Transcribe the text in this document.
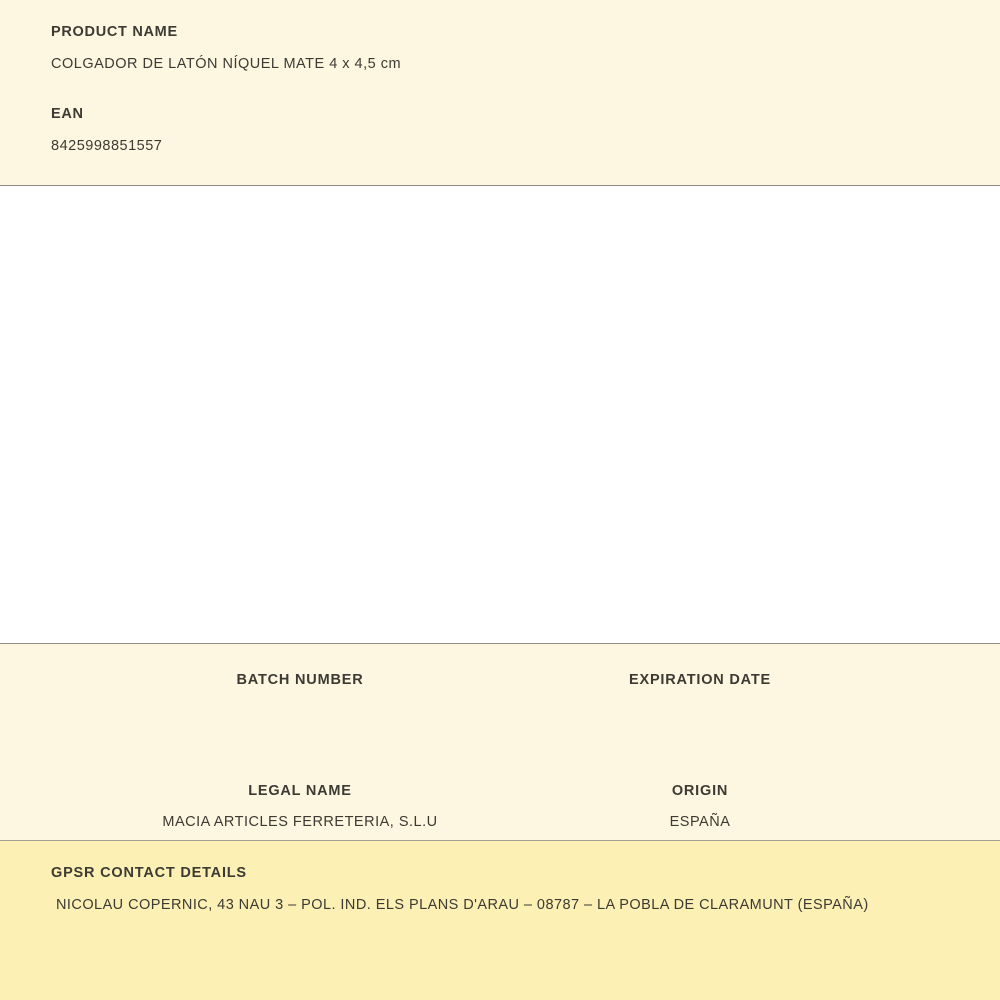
PRODUCT NAME
COLGADOR DE LATÓN NÍQUEL MATE 4 x 4,5 cm
EAN
8425998851557
BATCH NUMBER	EXPIRATION DATE
LEGAL NAME
MACIA ARTICLES FERRETERIA, S.L.U
ORIGIN
ESPAÑA
GPSR CONTACT DETAILS
NICOLAU COPERNIC, 43 NAU 3 – POL. IND. ELS PLANS D'ARAU – 08787 – LA POBLA DE CLARAMUNT (ESPAÑA)
